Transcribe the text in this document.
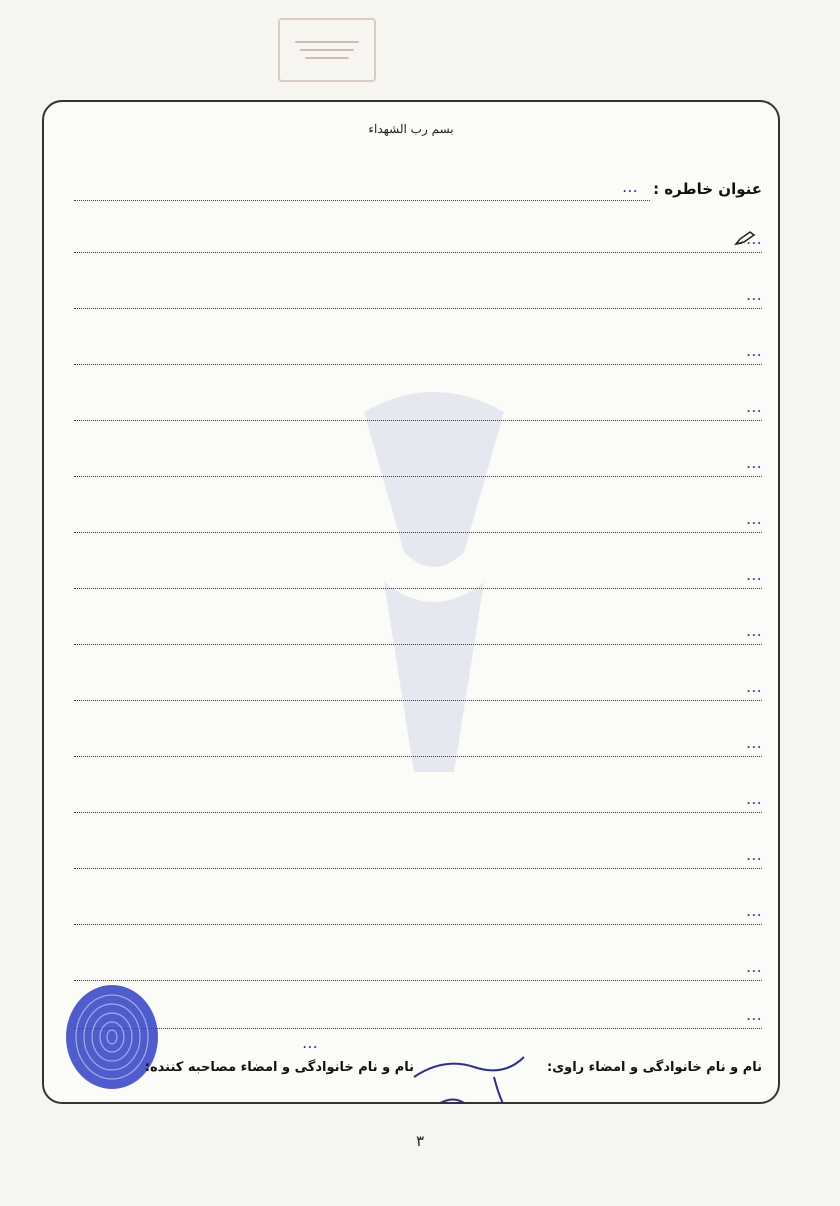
بسم رب الشهداء
عنوان خاطره :
...
...
...
...
...
...
...
...
...
...
...
...
...
...
...
...
...
نام و نام خانوادگی و امضاء راوی:
نام و نام خانوادگی و امضاء مصاحبه کننده:
۳
